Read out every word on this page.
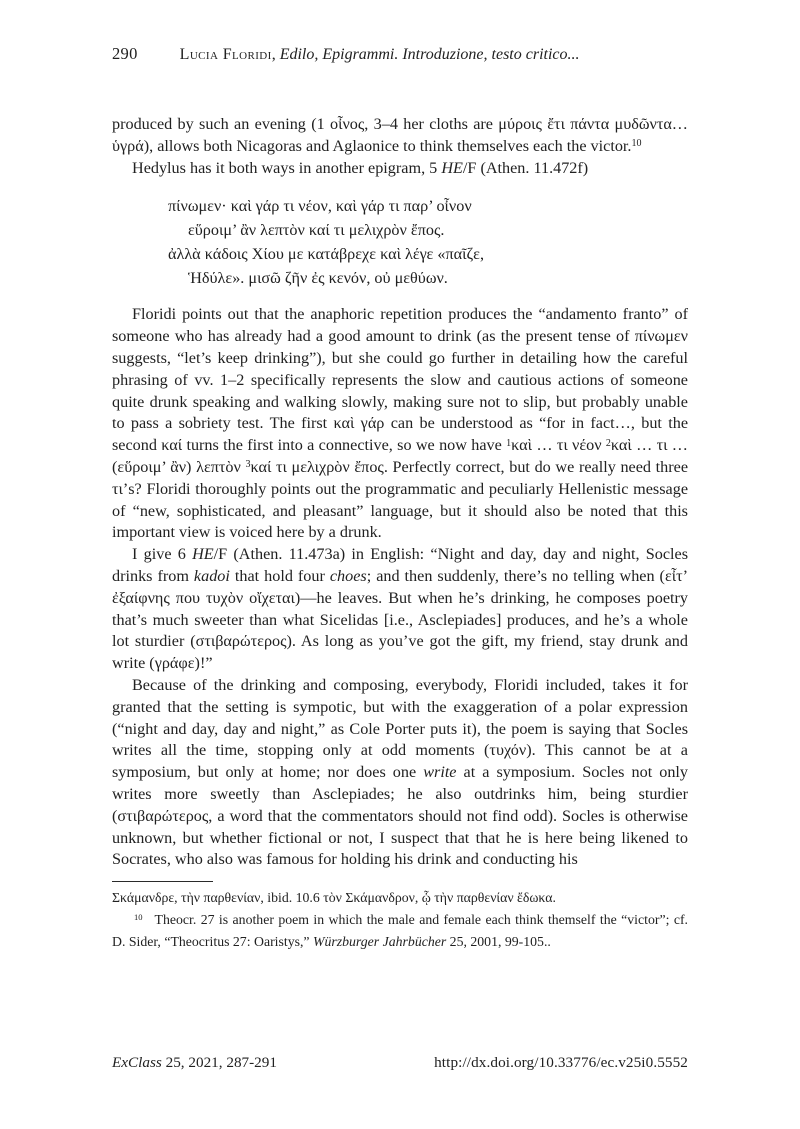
290	Lucia Floridi, Edilo, Epigrammi. Introduzione, testo critico...

produced by such an evening (1 οἶνος, 3–4 her cloths are μύροις ἔτι πάντα μυδῶντα… ὑγρά), allows both Nicagoras and Aglaonice to think themselves each the victor.$^{10}$

Hedylus has it both ways in another epigram, 5 HE/F (Athen. 11.472f)

πίνωμεν· καὶ γάρ τι νέον, καὶ γάρ τι παρ’ οἶνον
εὕροιμ’ ἂν λεπτὸν καί τι μελιχρὸν ἔπος.
ἀλλὰ κάδοις Χίου με κατάβρεχε καὶ λέγε «παῖζε,
Ἡδύλε». μισῶ ζῆν ἐς κενόν, οὐ μεθύων.

Floridi points out that the anaphoric repetition produces the “andamento franto” of someone who has already had a good amount to drink (as the present tense of πίνωμεν suggests, “let’s keep drinking”), but she could go further in detailing how the careful phrasing of vv. 1–2 specifically represents the slow and cautious actions of someone quite drunk speaking and walking slowly, making sure not to slip, but probably unable to pass a sobriety test. The first καὶ γάρ can be understood as “for in fact…, but the second καί turns the first into a connective, so we now have $^1$καὶ … τι νέον $^2$καὶ … τι … (εὕροιμ’ ἂν) λεπτὸν $^3$καί τι μελιχρὸν ἔπος. Perfectly correct, but do we really need three τι’s? Floridi thoroughly points out the programmatic and peculiarly Hellenistic message of “new, sophisticated, and pleasant” language, but it should also be noted that this important view is voiced here by a drunk.

I give 6 HE/F (Athen. 11.473a) in English: “Night and day, day and night, Socles drinks from kadoi that hold four choes; and then suddenly, there’s no telling when (εἶτ’ ἐξαίφνης που τυχὸν οἴχεται)—he leaves. But when he’s drinking, he composes poetry that’s much sweeter than what Sicelidas [i.e., Asclepiades] produces, and he’s a whole lot sturdier (στιβαρώτερος). As long as you’ve got the gift, my friend, stay drunk and write (γράφε)!”

Because of the drinking and composing, everybody, Floridi included, takes it for granted that the setting is sympotic, but with the exaggeration of a polar expression (“night and day, day and night,” as Cole Porter puts it), the poem is saying that Socles writes all the time, stopping only at odd moments (τυχόν). This cannot be at a symposium, but only at home; nor does one write at a symposium. Socles not only writes more sweetly than Asclepiades; he also outdrinks him, being sturdier (στιβαρώτερος, a word that the commentators should not find odd). Socles is otherwise unknown, but whether fictional or not, I suspect that that he is here being likened to Socrates, who also was famous for holding his drink and conducting his

Σκάμανδρε, τὴν παρθενίαν, ibid. 10.6 τὸν Σκάμανδρον, ᾧ τὴν παρθενίαν ἔδωκα.

$^{10}$ Theocr. 27 is another poem in which the male and female each think themself the “victor”; cf. D. Sider, “Theocritus 27: Oaristys,” Würzburger Jahrbücher 25, 2001, 99-105..

ExClass 25, 2021, 287-291	http://dx.doi.org/10.33776/ec.v25i0.5552
